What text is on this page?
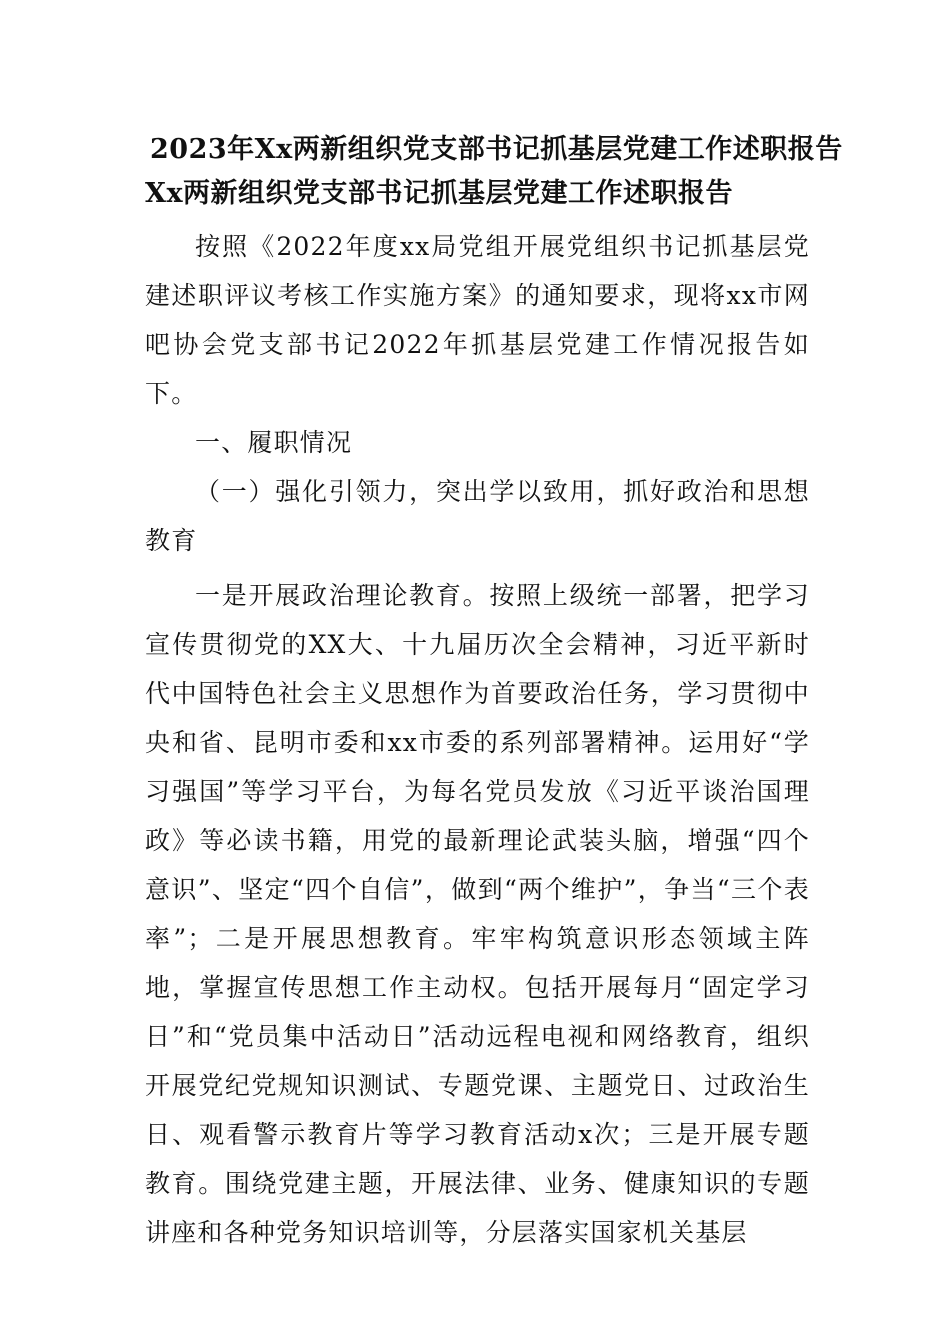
2023年Xx两新组织党支部书记抓基层党建工作述职报告
Xx两新组织党支部书记抓基层党建工作述职报告

按照《2022年度xx局党组开展党组织书记抓基层党建述职评议考核工作实施方案》的通知要求，现将xx市网吧协会党支部书记2022年抓基层党建工作情况报告如下。

一、履职情况

（一）强化引领力，突出学以致用，抓好政治和思想教育

一是开展政治理论教育。按照上级统一部署，把学习宣传贯彻党的XX大、十九届历次全会精神，习近平新时代中国特色社会主义思想作为首要政治任务，学习贯彻中央和省、昆明市委和xx市委的系列部署精神。运用好“学习强国”等学习平台，为每名党员发放《习近平谈治国理政》等必读书籍，用党的最新理论武装头脑，增强“四个意识”、坚定“四个自信”，做到“两个维护”，争当“三个表率”；二是开展思想教育。牢牢构筑意识形态领域主阵地，掌握宣传思想工作主动权。包括开展每月“固定学习日”和“党员集中活动日”活动远程电视和网络教育，组织开展党纪党规知识测试、专题党课、主题党日、过政治生日、观看警示教育片等学习教育活动x次；三是开展专题教育。围绕党建主题，开展法律、业务、健康知识的专题讲座和各种党务知识培训等，分层落实国家机关基层
